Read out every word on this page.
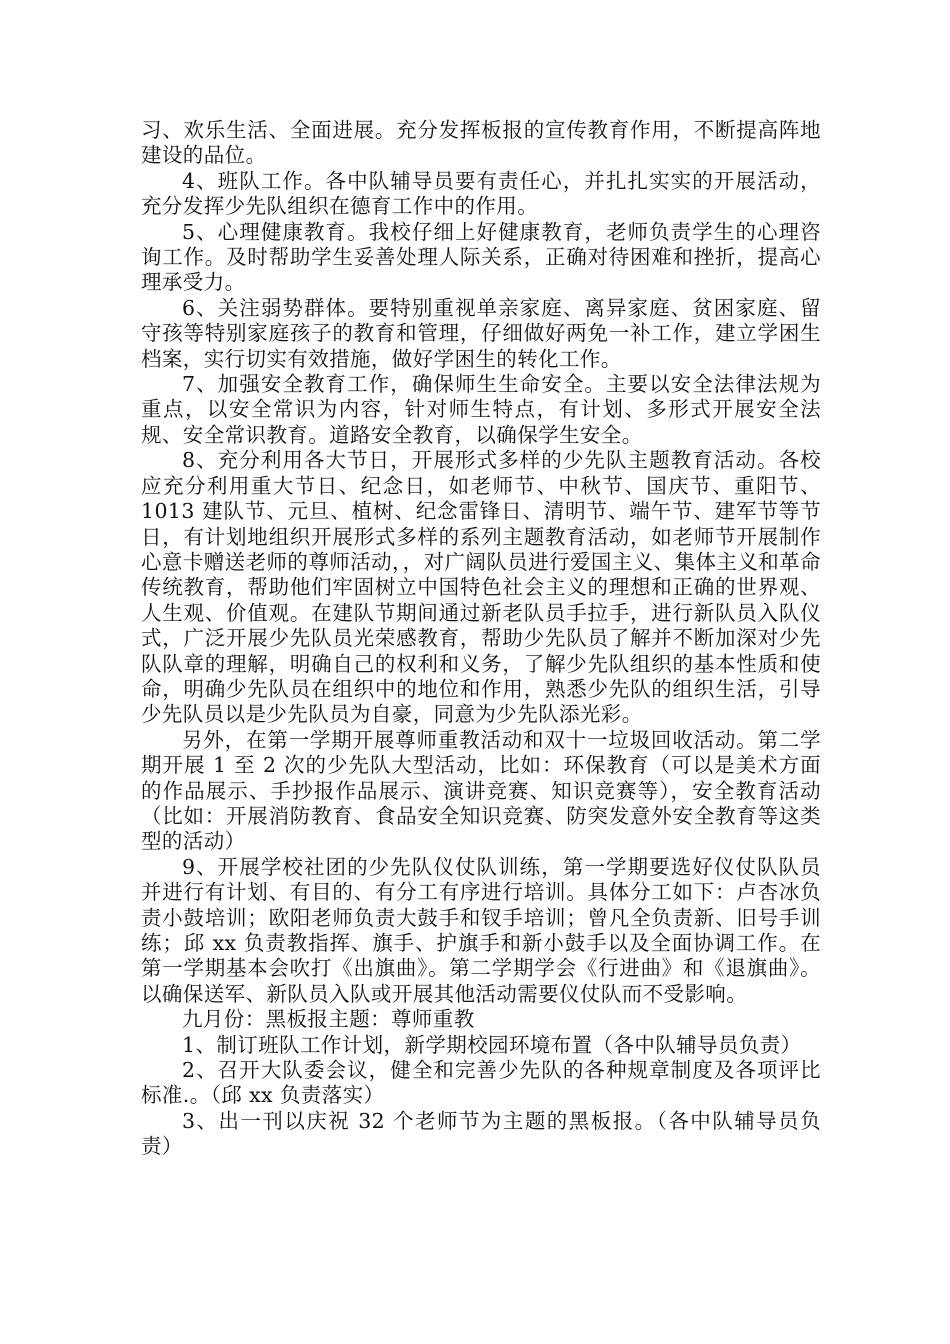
习、欢乐生活、全面进展。充分发挥板报的宣传教育作用，不断提高阵地建设的品位。

4、班队工作。各中队辅导员要有责任心，并扎扎实实的开展活动，充分发挥少先队组织在德育工作中的作用。

5、心理健康教育。我校仔细上好健康教育，老师负责学生的心理咨询工作。及时帮助学生妥善处理人际关系，正确对待困难和挫折，提高心理承受力。

6、关注弱势群体。要特别重视单亲家庭、离异家庭、贫困家庭、留守孩等特别家庭孩子的教育和管理，仔细做好两免一补工作，建立学困生档案，实行切实有效措施，做好学困生的转化工作。

7、加强安全教育工作，确保师生生命安全。主要以安全法律法规为重点，以安全常识为内容，针对师生特点，有计划、多形式开展安全法规、安全常识教育。道路安全教育，以确保学生安全。

8、充分利用各大节日，开展形式多样的少先队主题教育活动。各校应充分利用重大节日、纪念日，如老师节、中秋节、国庆节、重阳节、1013 建队节、元旦、植树、纪念雷锋日、清明节、端午节、建军节等节日，有计划地组织开展形式多样的系列主题教育活动，如老师节开展制作心意卡赠送老师的尊师活动，，对广阔队员进行爱国主义、集体主义和革命传统教育，帮助他们牢固树立中国特色社会主义的理想和正确的世界观、人生观、价值观。在建队节期间通过新老队员手拉手，进行新队员入队仪式，广泛开展少先队员光荣感教育，帮助少先队员了解并不断加深对少先队队章的理解，明确自己的权利和义务，了解少先队组织的基本性质和使命，明确少先队员在组织中的地位和作用，熟悉少先队的组织生活，引导少先队员以是少先队员为自豪，同意为少先队添光彩。

另外，在第一学期开展尊师重教活动和双十一垃圾回收活动。第二学期开展 1 至 2 次的少先队大型活动，比如：环保教育（可以是美术方面的作品展示、手抄报作品展示、演讲竞赛、知识竞赛等），安全教育活动（比如：开展消防教育、食品安全知识竞赛、防突发意外安全教育等这类型的活动）

9、开展学校社团的少先队仪仗队训练，第一学期要选好仪仗队队员并进行有计划、有目的、有分工有序进行培训。具体分工如下：卢杏冰负责小鼓培训；欧阳老师负责大鼓手和钗手培训；曾凡全负责新、旧号手训练；邱 xx 负责教指挥、旗手、护旗手和新小鼓手以及全面协调工作。在第一学期基本会吹打《出旗曲》。第二学期学会《行进曲》和《退旗曲》。以确保送军、新队员入队或开展其他活动需要仪仗队而不受影响。

九月份：黑板报主题：尊师重教

1、制订班队工作计划，新学期校园环境布置（各中队辅导员负责）

2、召开大队委会议，健全和完善少先队的各种规章制度及各项评比标准.。（邱 xx 负责落实）

3、出一刊以庆祝 32 个老师节为主题的黑板报。（各中队辅导员负责）
